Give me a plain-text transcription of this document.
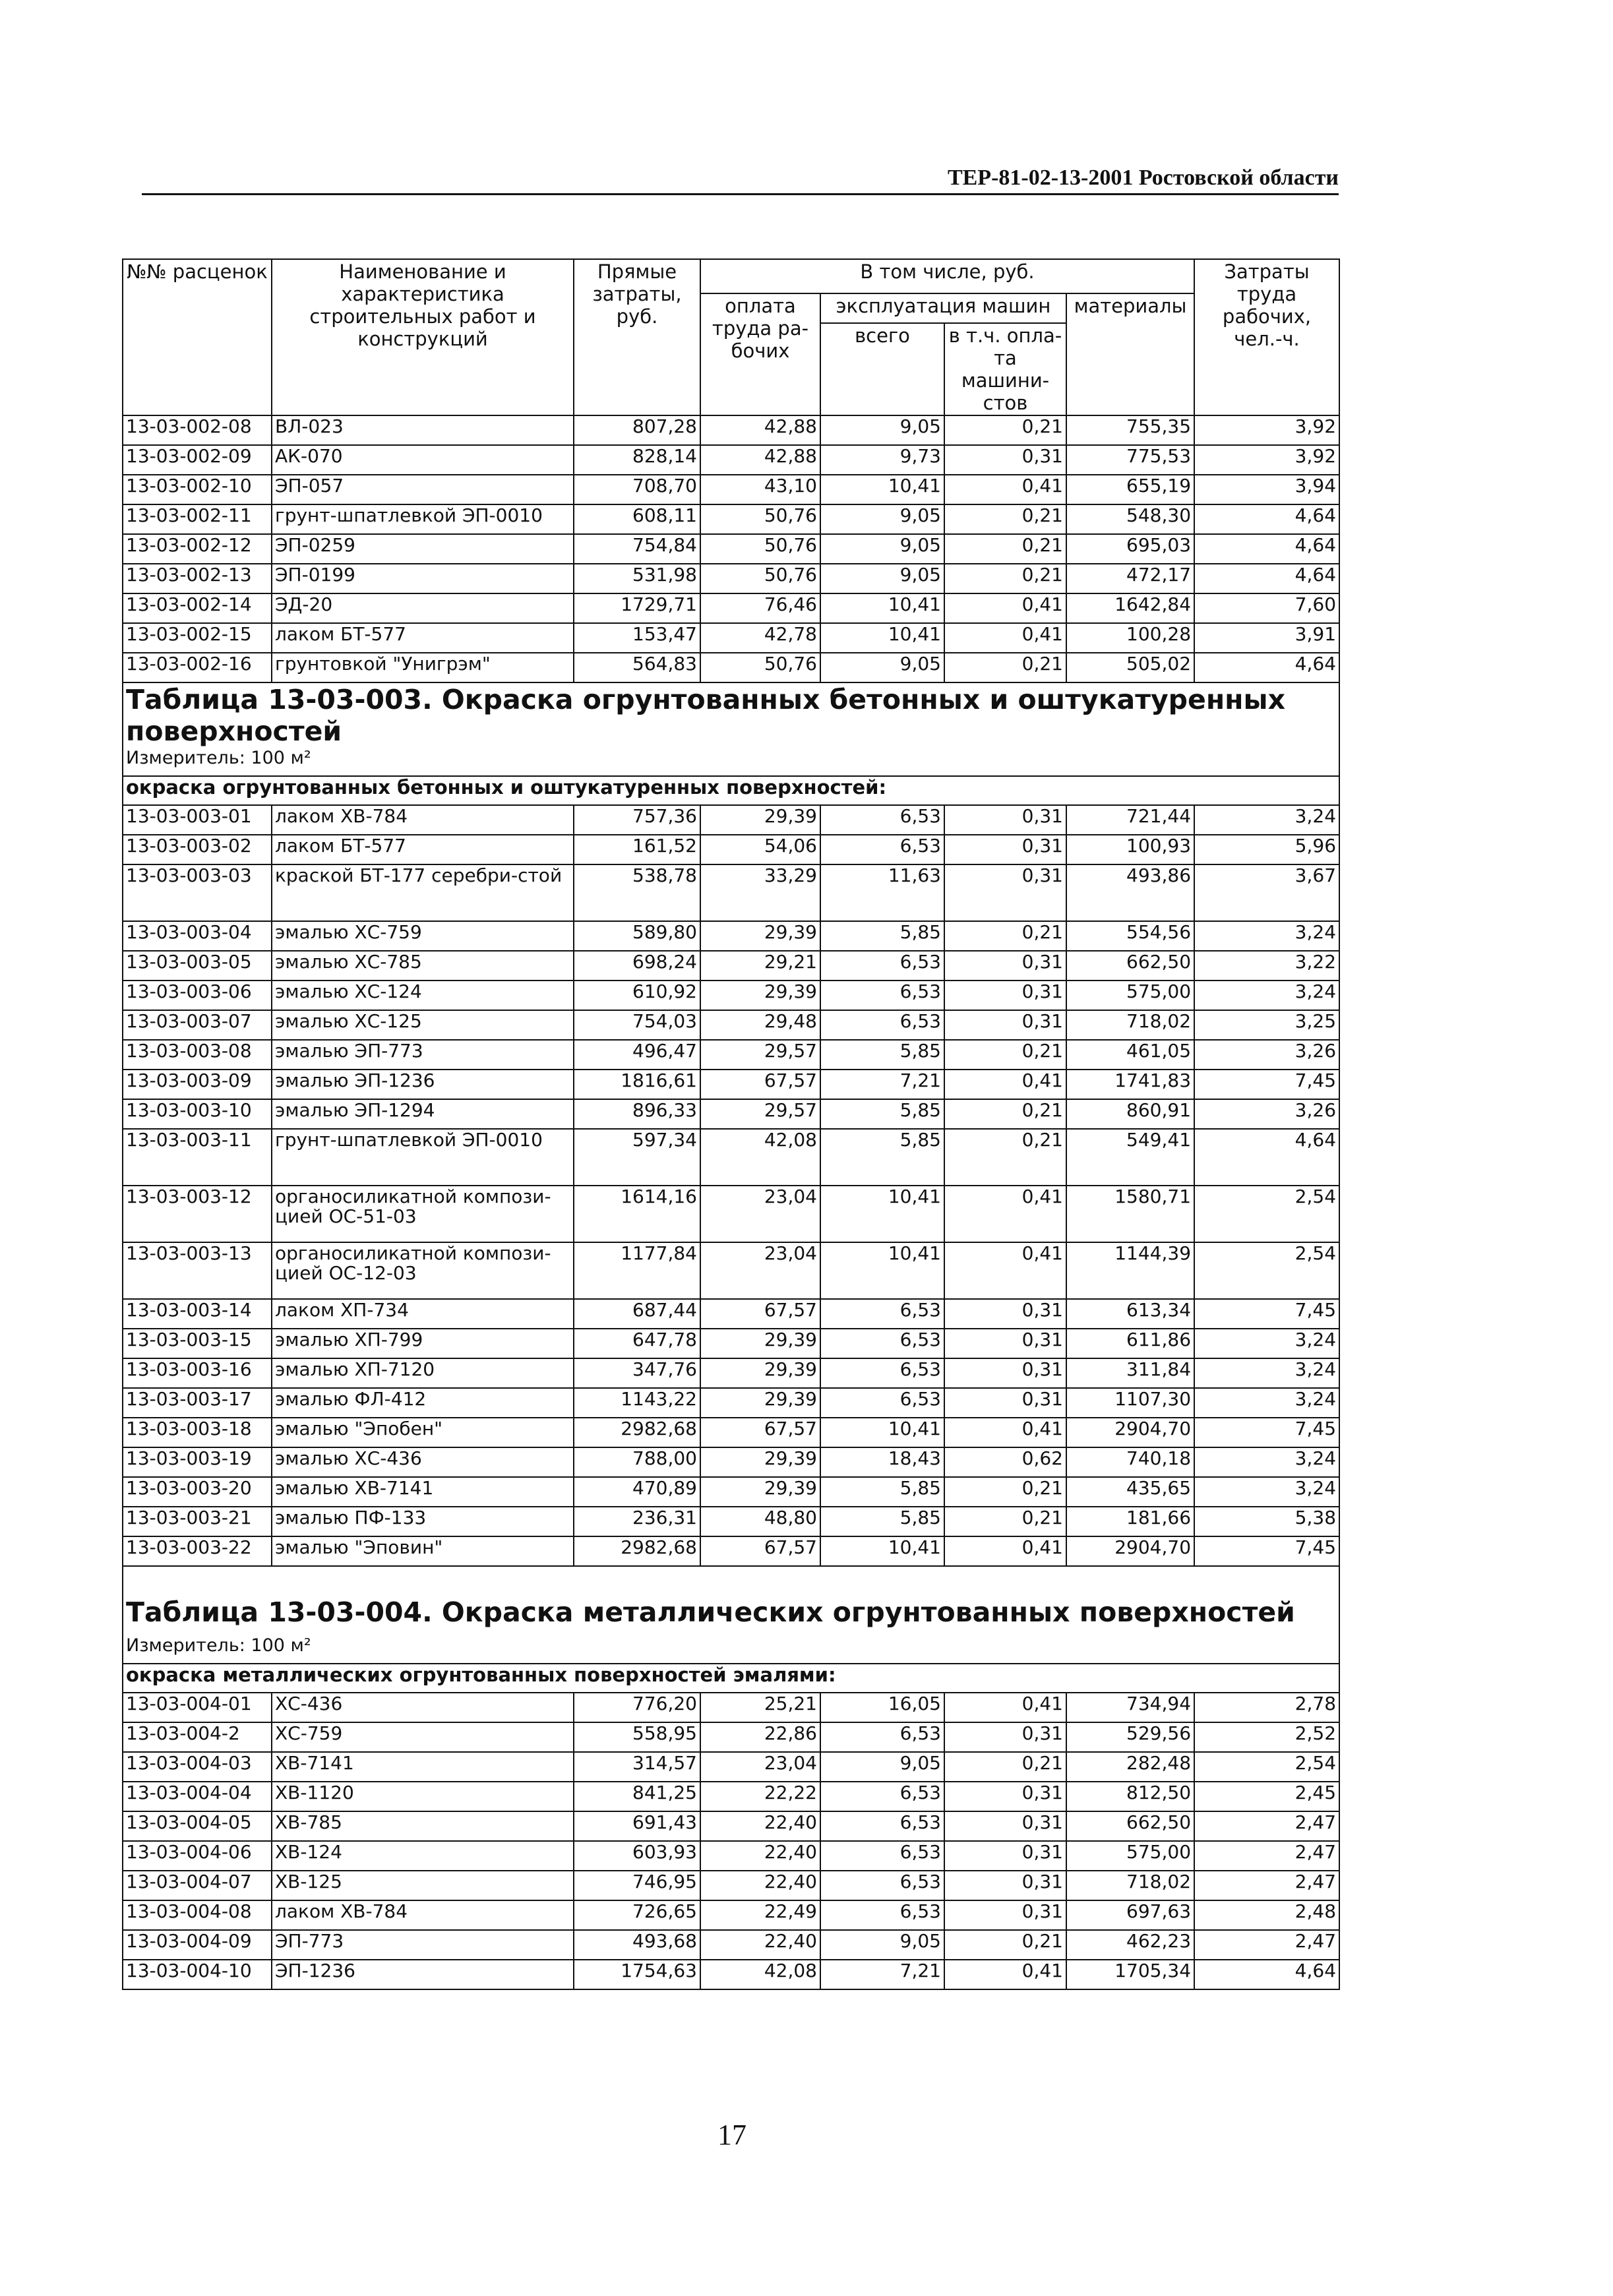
ТЕР-81-02-13-2001 Ростовской области
№№ расценок	Наименование и характеристика строительных работ и конструкций	Прямые затраты, руб.	В том числе, руб.				Затраты труда рабочих, чел.-ч.
			оплата труда ра-бочих	эксплуатация машин		материалы	
				всего	в т.ч. опла-та машини-стов		

13-03-002-08	ВЛ-023	807,28	42,88	9,05	0,21	755,35	3,92
13-03-002-09	АК-070	828,14	42,88	9,73	0,31	775,53	3,92
13-03-002-10	ЭП-057	708,70	43,10	10,41	0,41	655,19	3,94
13-03-002-11	грунт-шпатлевкой ЭП-0010	608,11	50,76	9,05	0,21	548,30	4,64
13-03-002-12	ЭП-0259	754,84	50,76	9,05	0,21	695,03	4,64
13-03-002-13	ЭП-0199	531,98	50,76	9,05	0,21	472,17	4,64
13-03-002-14	ЭД-20	1729,71	76,46	10,41	0,41	1642,84	7,60
13-03-002-15	лаком БТ-577	153,47	42,78	10,41	0,41	100,28	3,91
13-03-002-16	грунтовкой "Унигрэм"	564,83	50,76	9,05	0,21	505,02	4,64
Таблица 13-03-003. Окраска огрунтованных бетонных и оштукатуренных поверхностей							
Измеритель: 100 м²							
окраска огрунтованных бетонных и оштукатуренных поверхностей:							
13-03-003-01	лаком ХВ-784	757,36	29,39	6,53	0,31	721,44	3,24
13-03-003-02	лаком БТ-577	161,52	54,06	6,53	0,31	100,93	5,96
13-03-003-03	краской БТ-177 серебри-стой	538,78	33,29	11,63	0,31	493,86	3,67
13-03-003-04	эмалью ХС-759	589,80	29,39	5,85	0,21	554,56	3,24
13-03-003-05	эмалью ХС-785	698,24	29,21	6,53	0,31	662,50	3,22
13-03-003-06	эмалью ХС-124	610,92	29,39	6,53	0,31	575,00	3,24
13-03-003-07	эмалью ХС-125	754,03	29,48	6,53	0,31	718,02	3,25
13-03-003-08	эмалью ЭП-773	496,47	29,57	5,85	0,21	461,05	3,26
13-03-003-09	эмалью ЭП-1236	1816,61	67,57	7,21	0,41	1741,83	7,45
13-03-003-10	эмалью ЭП-1294	896,33	29,57	5,85	0,21	860,91	3,26
13-03-003-11	грунт-шпатлевкой ЭП-0010	597,34	42,08	5,85	0,21	549,41	4,64
13-03-003-12	органосиликатной компози-цией ОС-51-03	1614,16	23,04	10,41	0,41	1580,71	2,54
13-03-003-13	органосиликатной компози-цией ОС-12-03	1177,84	23,04	10,41	0,41	1144,39	2,54
13-03-003-14	лаком ХП-734	687,44	67,57	6,53	0,31	613,34	7,45
13-03-003-15	эмалью ХП-799	647,78	29,39	6,53	0,31	611,86	3,24
13-03-003-16	эмалью ХП-7120	347,76	29,39	6,53	0,31	311,84	3,24
13-03-003-17	эмалью ФЛ-412	1143,22	29,39	6,53	0,31	1107,30	3,24
13-03-003-18	эмалью "Эпобен"	2982,68	67,57	10,41	0,41	2904,70	7,45
13-03-003-19	эмалью ХС-436	788,00	29,39	18,43	0,62	740,18	3,24
13-03-003-20	эмалью ХВ-7141	470,89	29,39	5,85	0,21	435,65	3,24
13-03-003-21	эмалью ПФ-133	236,31	48,80	5,85	0,21	181,66	5,38
13-03-003-22	эмалью "Эповин"	2982,68	67,57	10,41	0,41	2904,70	7,45

Таблица 13-03-004. Окраска металлических огрунтованных поверхностей							
Измеритель: 100 м²							
окраска металлических огрунтованных поверхностей эмалями:							
13-03-004-01	ХС-436	776,20	25,21	16,05	0,41	734,94	2,78
13-03-004-2	ХС-759	558,95	22,86	6,53	0,31	529,56	2,52
13-03-004-03	ХВ-7141	314,57	23,04	9,05	0,21	282,48	2,54
13-03-004-04	ХВ-1120	841,25	22,22	6,53	0,31	812,50	2,45
13-03-004-05	ХВ-785	691,43	22,40	6,53	0,31	662,50	2,47
13-03-004-06	ХВ-124	603,93	22,40	6,53	0,31	575,00	2,47
13-03-004-07	ХВ-125	746,95	22,40	6,53	0,31	718,02	2,47
13-03-004-08	лаком ХВ-784	726,65	22,49	6,53	0,31	697,63	2,48
13-03-004-09	ЭП-773	493,68	22,40	9,05	0,21	462,23	2,47
13-03-004-10	ЭП-1236	1754,63	42,08	7,21	0,41	1705,34	4,64
17
